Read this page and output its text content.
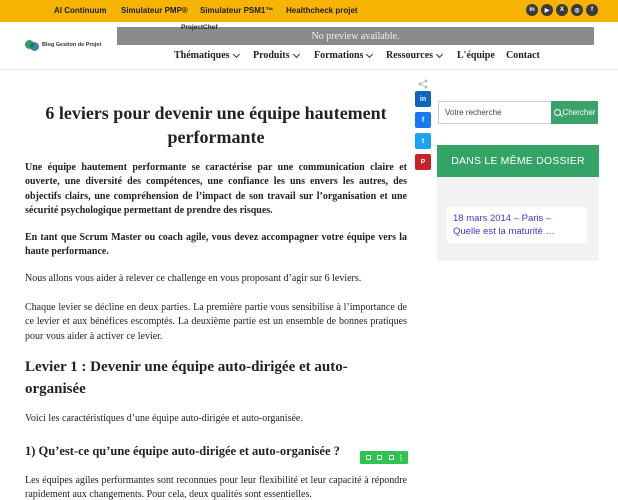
AI Continuum Simulateur PMP® Simulateur PSM1™ Healthcheck projet	in	▶	X	◎	f
Blog Gestion de Projet
No preview available.
ProjectChef
Thématiques Produits Formations Ressources L'équipe Contact
in
f
t
P
6 leviers pour devenir une équipe hautement performante

Une équipe hautement performante se caractérise par une communication claire et ouverte, une diversité des compétences, une confiance les uns envers les autres, des objectifs clairs, une compréhension de l’impact de son travail sur l’organisation et une sécurité psychologique permettant de prendre des risques.

En tant que Scrum Master ou coach agile, vous devez accompagner votre équipe vers la haute performance.

Nous allons vous aider à relever ce challenge en vous proposant d’agir sur 6 leviers.

Chaque levier se décline en deux parties. La première partie vous sensibilise à l’importance de ce levier et aux bénéfices escomptés. La deuxième partie est un ensemble de bonnes pratiques pour vous aider à activer ce levier.

Levier 1 : Devenir une équipe auto-dirigée et auto-organisée

Voici les caractéristiques d’une équipe auto-dirigée et auto-organisée.

1) Qu’est-ce qu’une équipe auto-dirigée et auto-organisée ?

Les équipes agiles performantes sont reconnues pour leur flexibilité et leur capacité à répondre rapidement aux changements. Pour cela, deux qualités sont essentielles.

Votre recherche
Chercher
DANS LE MÊME DOSSIER
18 mars 2014 – Paris – Quelle est la maturité …
